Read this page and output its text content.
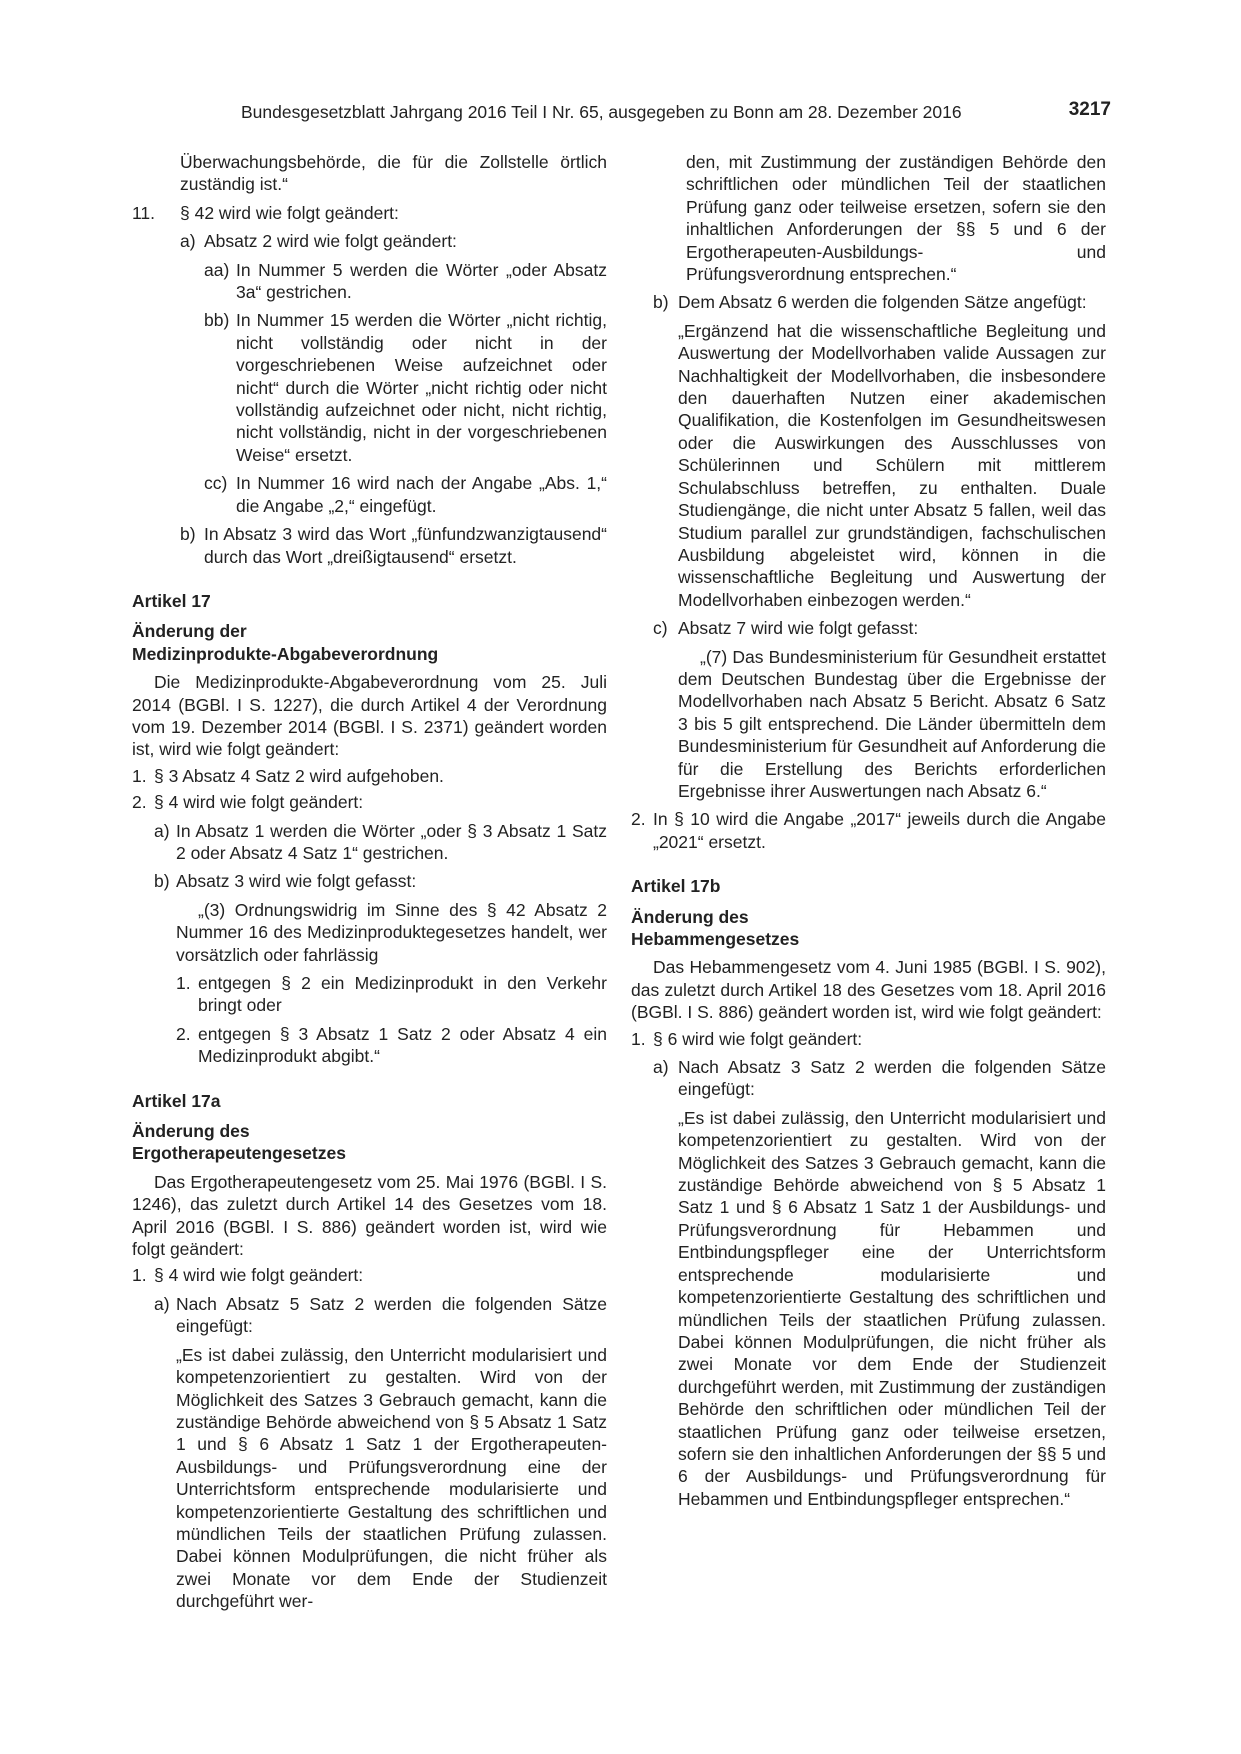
Bundesgesetzblatt Jahrgang 2016 Teil I Nr. 65, ausgegeben zu Bonn am 28. Dezember 2016	3217

Überwachungsbehörde, die für die Zollstelle örtlich zuständig ist.“

11.	§ 42 wird wie folgt geändert:
a) Absatz 2 wird wie folgt geändert:
aa) In Nummer 5 werden die Wörter „oder Absatz 3a“ gestrichen.
bb) In Nummer 15 werden die Wörter „nicht richtig, nicht vollständig oder nicht in der vorgeschriebenen Weise aufzeichnet oder nicht“ durch die Wörter „nicht richtig oder nicht vollständig aufzeichnet oder nicht, nicht richtig, nicht vollständig, nicht in der vorgeschriebenen Weise“ ersetzt.
cc) In Nummer 16 wird nach der Angabe „Abs. 1,“ die Angabe „2,“ eingefügt.
b) In Absatz 3 wird das Wort „fünfundzwanzigtausend“ durch das Wort „dreißigtausend“ ersetzt.

Artikel 17

Änderung der

Medizinprodukte-Abgabeverordnung

Die Medizinprodukte-Abgabeverordnung vom 25. Juli 2014 (BGBl. I S. 1227), die durch Artikel 4 der Verordnung vom 19. Dezember 2014 (BGBl. I S. 2371) geändert worden ist, wird wie folgt geändert:

1. § 3 Absatz 4 Satz 2 wird aufgehoben.
2. § 4 wird wie folgt geändert:
a) In Absatz 1 werden die Wörter „oder § 3 Absatz 1 Satz 2 oder Absatz 4 Satz 1“ gestrichen.
b) Absatz 3 wird wie folgt gefasst:

„(3) Ordnungswidrig im Sinne des § 42 Absatz 2 Nummer 16 des Medizinproduktegesetzes handelt, wer vorsätzlich oder fahrlässig

1. entgegen § 2 ein Medizinprodukt in den Verkehr bringt oder
2. entgegen § 3 Absatz 1 Satz 2 oder Absatz 4 ein Medizinprodukt abgibt.“

Artikel 17a

Änderung des

Ergotherapeutengesetzes

Das Ergotherapeutengesetz vom 25. Mai 1976 (BGBl. I S. 1246), das zuletzt durch Artikel 14 des Gesetzes vom 18. April 2016 (BGBl. I S. 886) geändert worden ist, wird wie folgt geändert:

1. § 4 wird wie folgt geändert:
a) Nach Absatz 5 Satz 2 werden die folgenden Sätze eingefügt:

„Es ist dabei zulässig, den Unterricht modularisiert und kompetenzorientiert zu gestalten. Wird von der Möglichkeit des Satzes 3 Gebrauch gemacht, kann die zuständige Behörde abweichend von § 5 Absatz 1 Satz 1 und § 6 Absatz 1 Satz 1 der Ergotherapeuten-Ausbildungs- und Prüfungsverordnung eine der Unterrichtsform entsprechende modularisierte und kompetenzorientierte Gestaltung des schriftlichen und mündlichen Teils der staatlichen Prüfung zulassen. Dabei können Modulprüfungen, die nicht früher als zwei Monate vor dem Ende der Studienzeit durchgeführt wer-

den, mit Zustimmung der zuständigen Behörde den schriftlichen oder mündlichen Teil der staatlichen Prüfung ganz oder teilweise ersetzen, sofern sie den inhaltlichen Anforderungen der §§ 5 und 6 der Ergotherapeuten-Ausbildungs- und Prüfungsverordnung entsprechen.“

b) Dem Absatz 6 werden die folgenden Sätze angefügt:

„Ergänzend hat die wissenschaftliche Begleitung und Auswertung der Modellvorhaben valide Aussagen zur Nachhaltigkeit der Modellvorhaben, die insbesondere den dauerhaften Nutzen einer akademischen Qualifikation, die Kostenfolgen im Gesundheitswesen oder die Auswirkungen des Ausschlusses von Schülerinnen und Schülern mit mittlerem Schulabschluss betreffen, zu enthalten. Duale Studiengänge, die nicht unter Absatz 5 fallen, weil das Studium parallel zur grundständigen, fachschulischen Ausbildung abgeleistet wird, können in die wissenschaftliche Begleitung und Auswertung der Modellvorhaben einbezogen werden.“

c) Absatz 7 wird wie folgt gefasst:

„(7) Das Bundesministerium für Gesundheit erstattet dem Deutschen Bundestag über die Ergebnisse der Modellvorhaben nach Absatz 5 Bericht. Absatz 6 Satz 3 bis 5 gilt entsprechend. Die Länder übermitteln dem Bundesministerium für Gesundheit auf Anforderung die für die Erstellung des Berichts erforderlichen Ergebnisse ihrer Auswertungen nach Absatz 6.“

2. In § 10 wird die Angabe „2017“ jeweils durch die Angabe „2021“ ersetzt.

Artikel 17b

Änderung des

Hebammengesetzes

Das Hebammengesetz vom 4. Juni 1985 (BGBl. I S. 902), das zuletzt durch Artikel 18 des Gesetzes vom 18. April 2016 (BGBl. I S. 886) geändert worden ist, wird wie folgt geändert:

1. § 6 wird wie folgt geändert:
a) Nach Absatz 3 Satz 2 werden die folgenden Sätze eingefügt:

„Es ist dabei zulässig, den Unterricht modularisiert und kompetenzorientiert zu gestalten. Wird von der Möglichkeit des Satzes 3 Gebrauch gemacht, kann die zuständige Behörde abweichend von § 5 Absatz 1 Satz 1 und § 6 Absatz 1 Satz 1 der Ausbildungs- und Prüfungsverordnung für Hebammen und Entbindungspfleger eine der Unterrichtsform entsprechende modularisierte und kompetenzorientierte Gestaltung des schriftlichen und mündlichen Teils der staatlichen Prüfung zulassen. Dabei können Modulprüfungen, die nicht früher als zwei Monate vor dem Ende der Studienzeit durchgeführt werden, mit Zustimmung der zuständigen Behörde den schriftlichen oder mündlichen Teil der staatlichen Prüfung ganz oder teilweise ersetzen, sofern sie den inhaltlichen Anforderungen der §§ 5 und 6 der Ausbildungs- und Prüfungsverordnung für Hebammen und Entbindungspfleger entsprechen.“
